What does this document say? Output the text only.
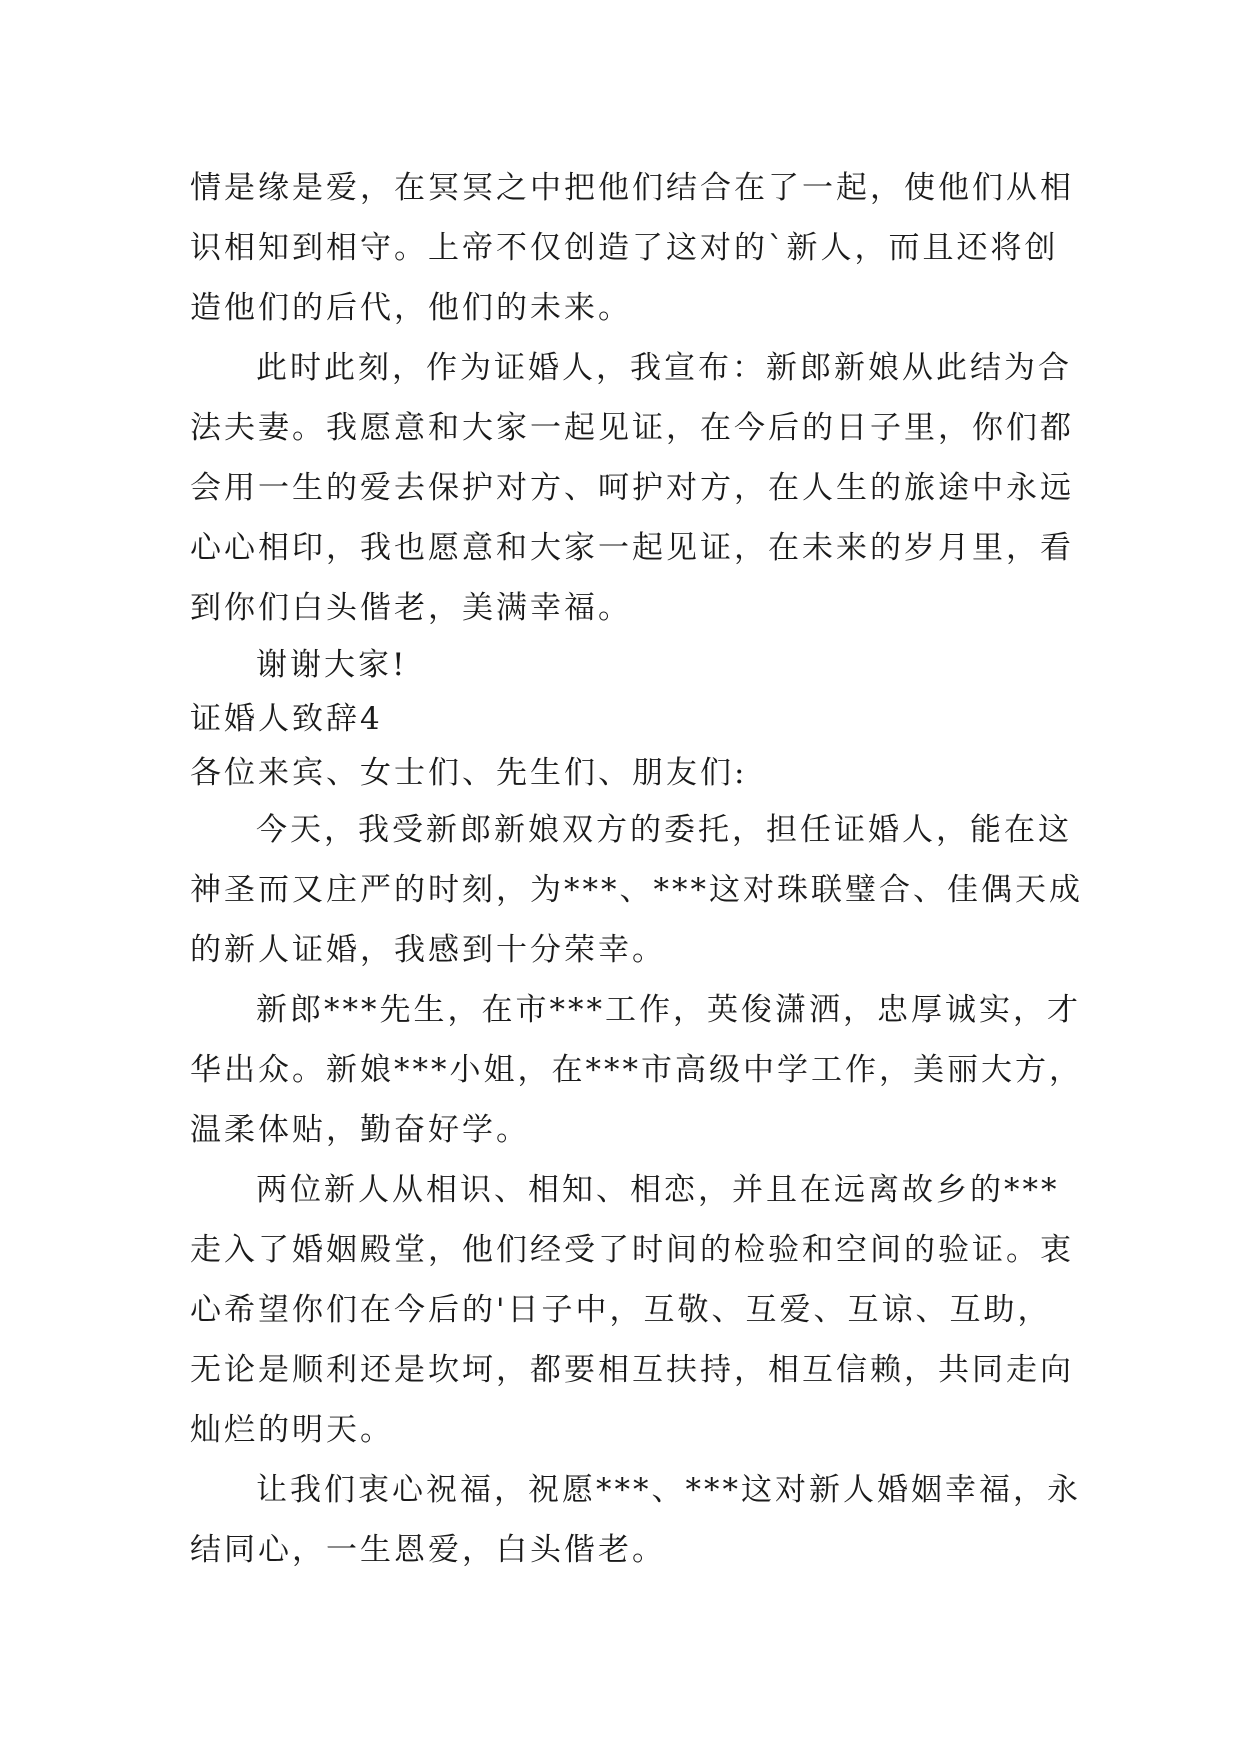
情是缘是爱，在冥冥之中把他们结合在了一起，使他们从相
识相知到相守。上帝不仅创造了这对的`新人，而且还将创
造他们的后代，他们的未来。
此时此刻，作为证婚人，我宣布：新郎新娘从此结为合
法夫妻。我愿意和大家一起见证，在今后的日子里，你们都
会用一生的爱去保护对方、呵护对方，在人生的旅途中永远
心心相印，我也愿意和大家一起见证，在未来的岁月里，看
到你们白头偕老，美满幸福。
谢谢大家!
证婚人致辞4
各位来宾、女士们、先生们、朋友们:
今天，我受新郎新娘双方的委托，担任证婚人，能在这
神圣而又庄严的时刻，为***、***这对珠联璧合、佳偶天成
的新人证婚，我感到十分荣幸。
新郎***先生，在市***工作，英俊潇洒，忠厚诚实，才
华出众。新娘***小姐，在***市高级中学工作，美丽大方，
温柔体贴，勤奋好学。
两位新人从相识、相知、相恋，并且在远离故乡的***
走入了婚姻殿堂，他们经受了时间的检验和空间的验证。衷
心希望你们在今后的'日子中，互敬、互爱、互谅、互助，
无论是顺利还是坎坷，都要相互扶持，相互信赖，共同走向
灿烂的明天。
让我们衷心祝福，祝愿***、***这对新人婚姻幸福，永
结同心，一生恩爱，白头偕老。
